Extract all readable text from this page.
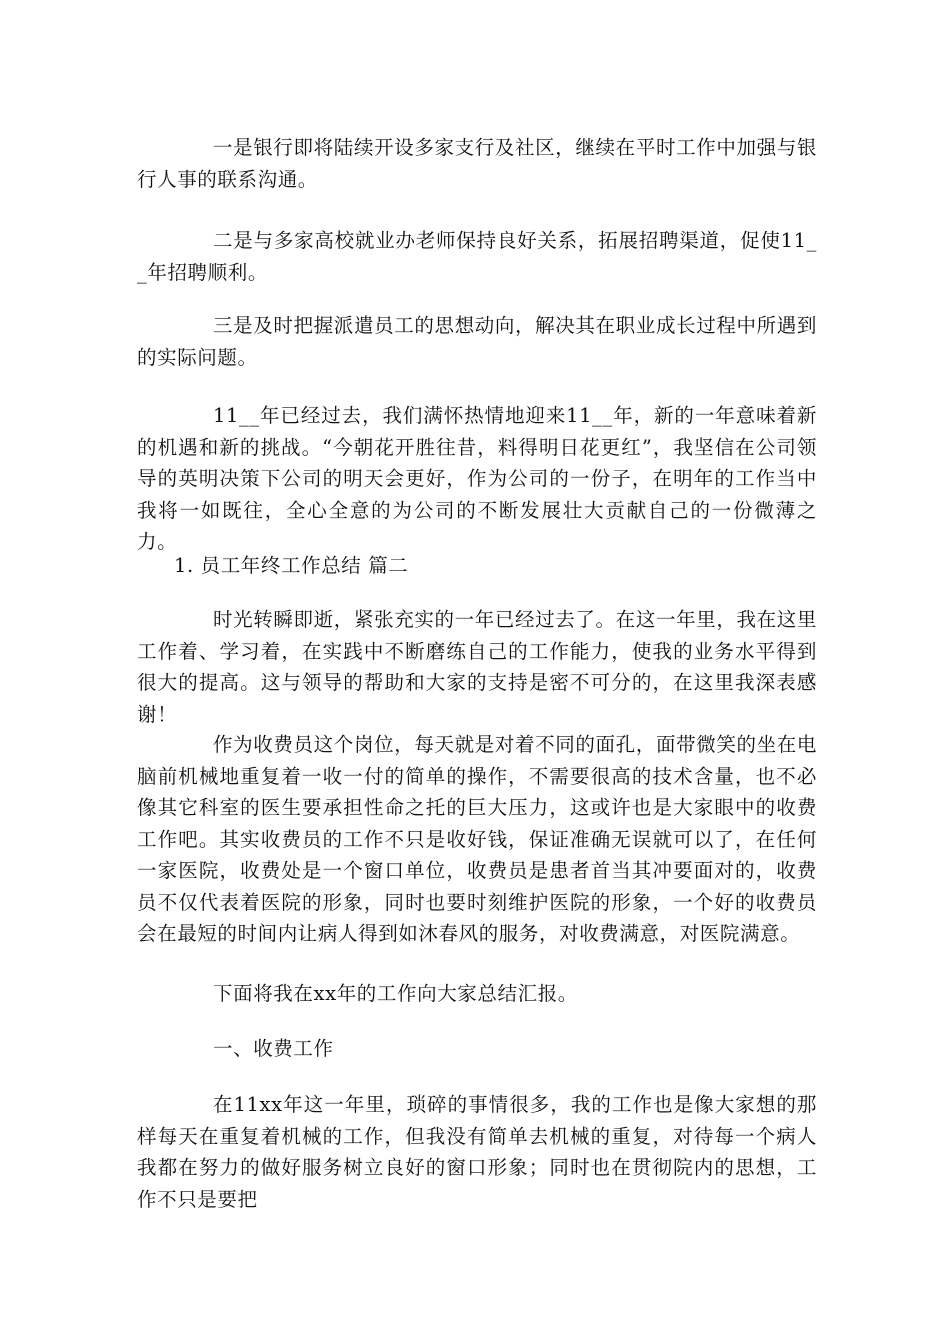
一是银行即将陆续开设多家支行及社区，继续在平时工作中加强与银行人事的联系沟通。

二是与多家高校就业办老师保持良好关系，拓展招聘渠道，促使11__年招聘顺利。

三是及时把握派遣员工的思想动向，解决其在职业成长过程中所遇到的实际问题。

11__年已经过去，我们满怀热情地迎来11__年，新的一年意味着新的机遇和新的挑战。“今朝花开胜往昔，料得明日花更红”，我坚信在公司领导的英明决策下公司的明天会更好，作为公司的一份子，在明年的工作当中我将一如既往，全心全意的为公司的不断发展壮大贡献自己的一份微薄之力。

1. 员工年终工作总结 篇二

时光转瞬即逝，紧张充实的一年已经过去了。在这一年里，我在这里工作着、学习着，在实践中不断磨练自己的工作能力，使我的业务水平得到很大的提高。这与领导的帮助和大家的支持是密不可分的，在这里我深表感谢！

作为收费员这个岗位，每天就是对着不同的面孔，面带微笑的坐在电脑前机械地重复着一收一付的简单的操作，不需要很高的技术含量，也不必像其它科室的医生要承担性命之托的巨大压力，这或许也是大家眼中的收费工作吧。其实收费员的工作不只是收好钱，保证准确无误就可以了，在任何一家医院，收费处是一个窗口单位，收费员是患者首当其冲要面对的，收费员不仅代表着医院的形象，同时也要时刻维护医院的形象，一个好的收费员会在最短的时间内让病人得到如沐春风的服务，对收费满意，对医院满意。

下面将我在xx年的工作向大家总结汇报。

一、收费工作

在11xx年这一年里，琐碎的事情很多，我的工作也是像大家想的那样每天在重复着机械的工作，但我没有简单去机械的重复，对待每一个病人我都在努力的做好服务树立良好的窗口形象；同时也在贯彻院内的思想，工作不只是要把
